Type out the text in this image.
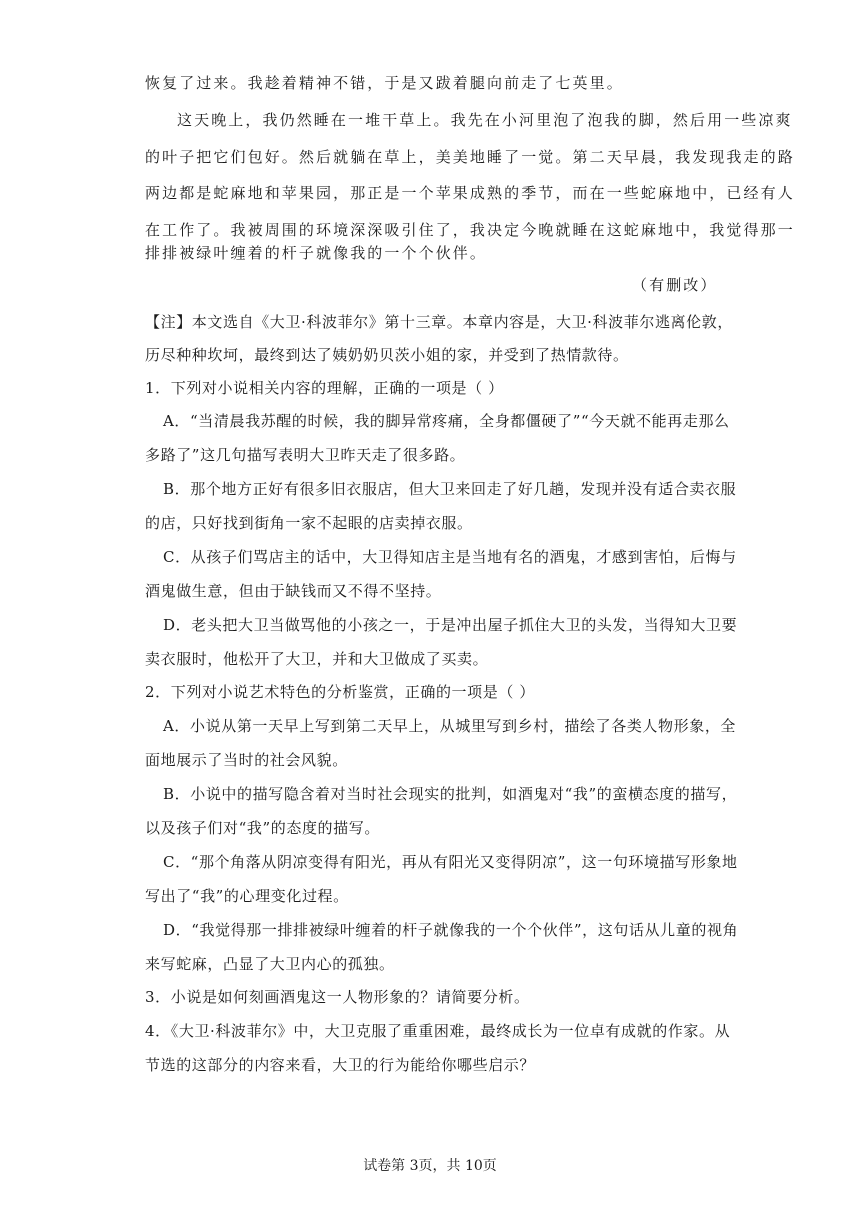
恢复了过来。我趁着精神不错，于是又跋着腿向前走了七英里。
这天晚上，我仍然睡在一堆干草上。我先在小河里泡了泡我的脚，然后用一些凉爽
的叶子把它们包好。然后就躺在草上，美美地睡了一觉。第二天早晨，我发现我走的路
两边都是蛇麻地和苹果园，那正是一个苹果成熟的季节，而在一些蛇麻地中，已经有人
在工作了。我被周围的环境深深吸引住了，我决定今晚就睡在这蛇麻地中，我觉得那一
排排被绿叶缠着的杆子就像我的一个个伙伴。
（有删改）
【注】本文选自《大卫·科波菲尔》第十三章。本章内容是，大卫·科波菲尔逃离伦敦，
历尽种种坎坷，最终到达了姨奶奶贝茨小姐的家，并受到了热情款待。
1．下列对小说相关内容的理解，正确的一项是（ ）
A．“当清晨我苏醒的时候，我的脚异常疼痛，全身都僵硬了”“今天就不能再走那么
多路了”这几句描写表明大卫昨天走了很多路。
B．那个地方正好有很多旧衣服店，但大卫来回走了好几趟，发现并没有适合卖衣服
的店，只好找到街角一家不起眼的店卖掉衣服。
C．从孩子们骂店主的话中，大卫得知店主是当地有名的酒鬼，才感到害怕，后悔与
酒鬼做生意，但由于缺钱而又不得不坚持。
D．老头把大卫当做骂他的小孩之一，于是冲出屋子抓住大卫的头发，当得知大卫要
卖衣服时，他松开了大卫，并和大卫做成了买卖。
2．下列对小说艺术特色的分析鉴赏，正确的一项是（ ）
A．小说从第一天早上写到第二天早上，从城里写到乡村，描绘了各类人物形象，全
面地展示了当时的社会风貌。
B．小说中的描写隐含着对当时社会现实的批判，如酒鬼对“我”的蛮横态度的描写，
以及孩子们对“我”的态度的描写。
C．“那个角落从阴凉变得有阳光，再从有阳光又变得阴凉”，这一句环境描写形象地
写出了“我”的心理变化过程。
D．“我觉得那一排排被绿叶缠着的杆子就像我的一个个伙伴”，这句话从儿童的视角
来写蛇麻，凸显了大卫内心的孤独。
3．小说是如何刻画酒鬼这一人物形象的？请简要分析。
4．《大卫·科波菲尔》中，大卫克服了重重困难，最终成长为一位卓有成就的作家。从
节选的这部分的内容来看，大卫的行为能给你哪些启示？
试卷第 3页，共 10页
